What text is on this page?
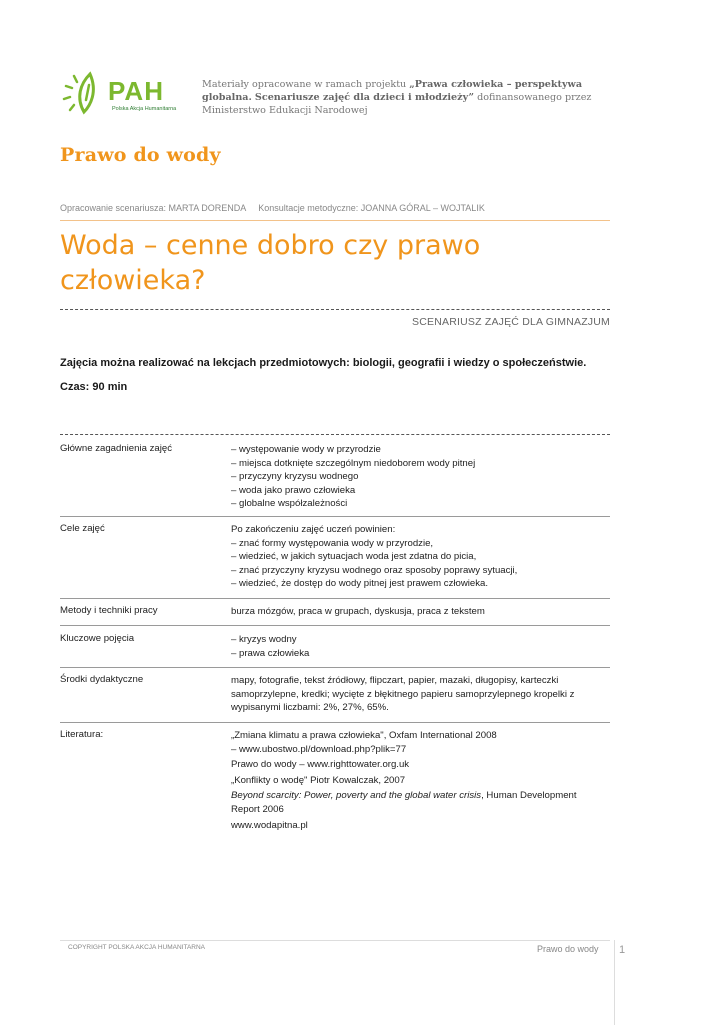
PAH
Polska Akcja Humanitarna
Materiały opracowane w ramach projektu „Prawa człowieka – perspektywa globalna. Scenariusze zajęć dla dzieci i młodzieży” dofinansowanego przez Ministerstwo Edukacji Narodowej
Prawo do wody
Opracowanie scenariusza: MARTA DORENDA Konsultacje metodyczne: JOANNA GÓRAL – WOJTALIK
Woda – cenne dobro czy prawo człowieka?
SCENARIUSZ ZAJĘĆ DLA GIMNAZJUM
Zajęcia można realizować na lekcjach przedmiotowych: biologii, geografii i wiedzy o społeczeństwie.
Czas: 90 min
Główne zagadnienia zajęć	– występowanie wody w przyrodzie
– miejsca dotknięte szczególnym niedoborem wody pitnej
– przyczyny kryzysu wodnego
– woda jako prawo człowieka
– globalne współzależności
Cele zajęć	Po zakończeniu zajęć uczeń powinien:
– znać formy występowania wody w przyrodzie,
– wiedzieć, w jakich sytuacjach woda jest zdatna do picia,
– znać przyczyny kryzysu wodnego oraz sposoby poprawy sytuacji,
– wiedzieć, że dostęp do wody pitnej jest prawem człowieka.
Metody i techniki pracy	burza mózgów, praca w grupach, dyskusja, praca z tekstem
Kluczowe pojęcia	– kryzys wodny
– prawa człowieka
Środki dydaktyczne	mapy, fotografie, tekst źródłowy, flipczart, papier, mazaki, długopisy, karteczki samoprzylepne, kredki; wycięte z błękitnego papieru samoprzylepnego kropelki z wypisanymi liczbami: 2%, 27%, 65%.
Literatura:	„Zmiana klimatu a prawa człowieka", Oxfam International 2008
– www.ubostwo.pl/download.php?plik=77
Prawo do wody – www.righttowater.org.uk
„Konflikty o wodę" Piotr Kowalczak, 2007
Beyond scarcity: Power, poverty and the global water crisis, Human Development Report 2006
www.wodapitna.pl
COPYRIGHT POLSKA AKCJA HUMANITARNA	Prawo do wody 1
